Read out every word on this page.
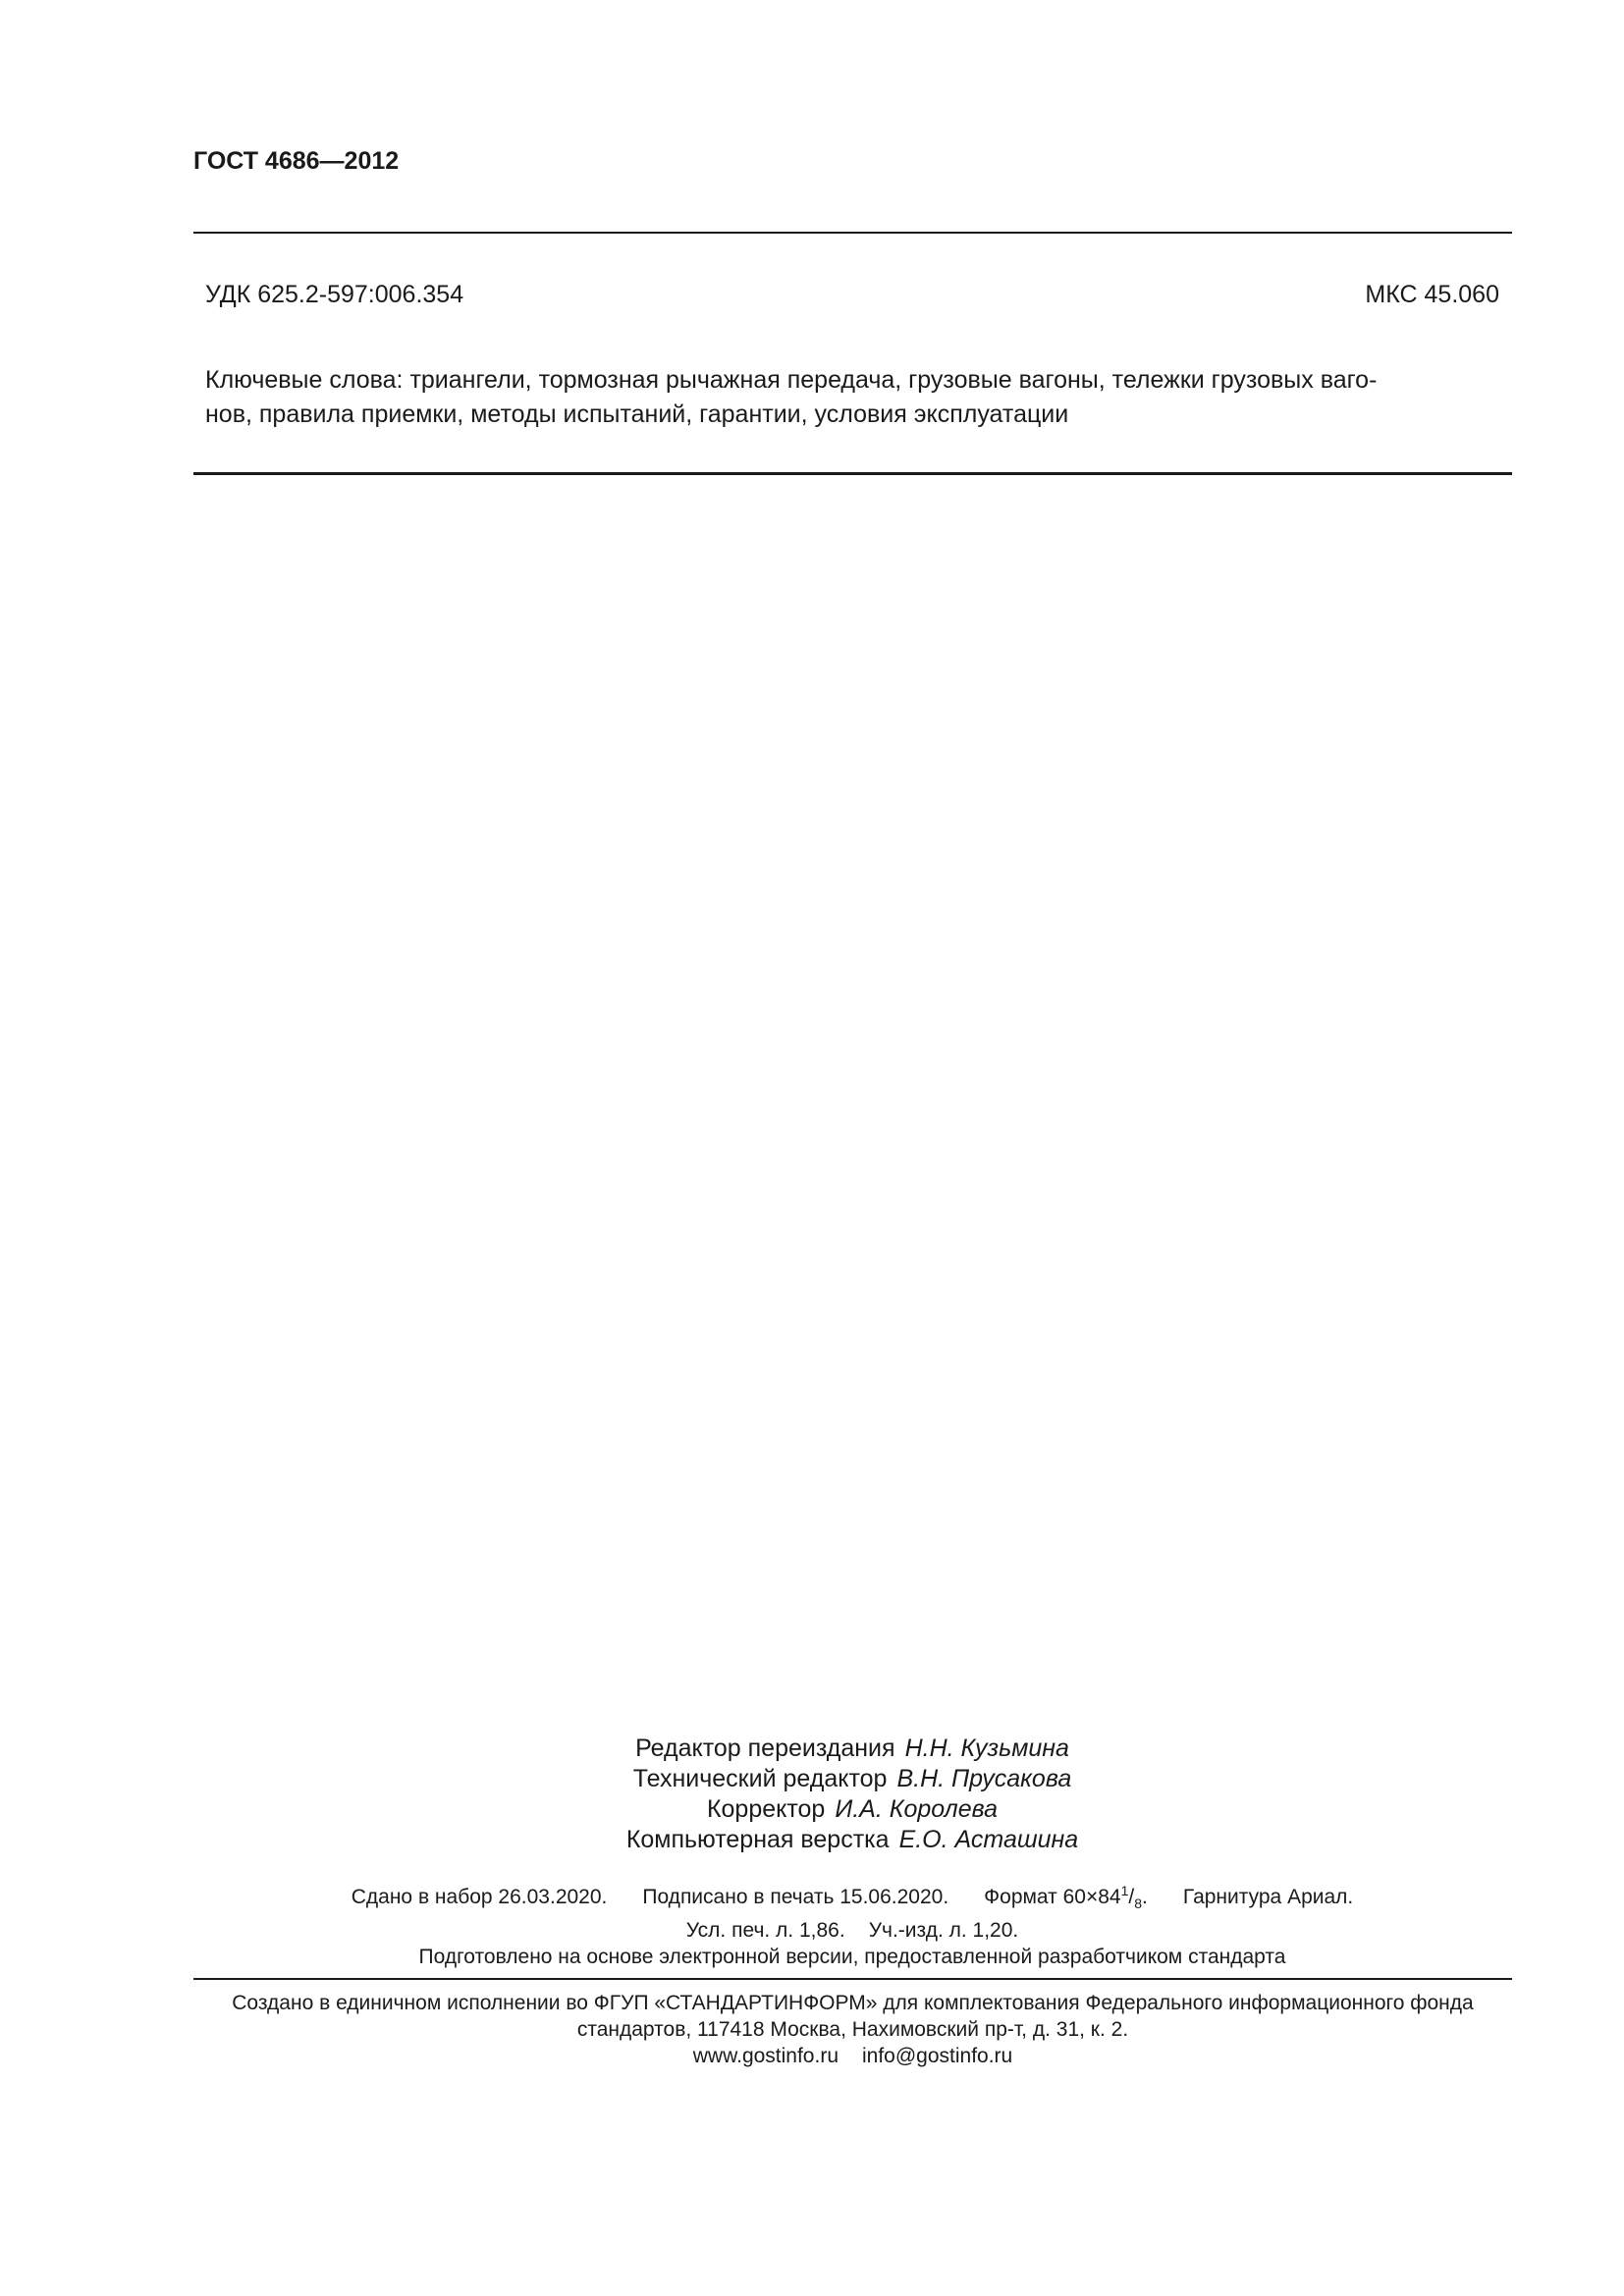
ГОСТ 4686—2012
УДК 625.2-597:006.354	МКС 45.060
Ключевые слова: триангели, тормозная рычажная передача, грузовые вагоны, тележки грузовых ваго-
нов, правила приемки, методы испытаний, гарантии, условия эксплуатации
Редактор переиздания Н.Н. Кузьмина
Технический редактор В.Н. Прусакова
Корректор И.А. Королева
Компьютерная верстка Е.О. Асташина
Сдано в набор 26.03.2020. Подписано в печать 15.06.2020. Формат $60\times 84^1/_8$. Гарнитура Ариал.
Усл. печ. л. 1,86. Уч.-изд. л. 1,20.
Подготовлено на основе электронной версии, предоставленной разработчиком стандарта
Создано в единичном исполнении во ФГУП «СТАНДАРТИНФОРМ» для комплектования Федерального информационного фонда
стандартов, 117418 Москва, Нахимовский пр-т, д. 31, к. 2.
www.gostinfo.ru info@gostinfo.ru
